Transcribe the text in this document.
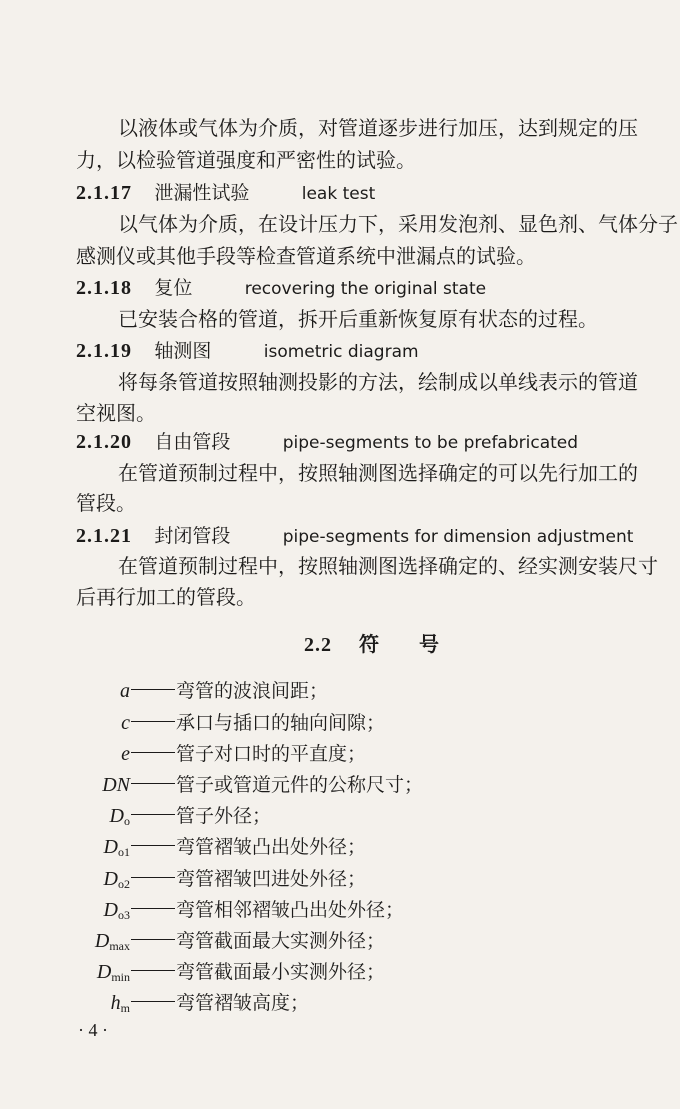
以液体或气体为介质，对管道逐步进行加压，达到规定的压
力，以检验管道强度和严密性的试验。
2.1.17 泄漏性试验	leak test
以气体为介质，在设计压力下，采用发泡剂、显色剂、气体分子
感测仪或其他手段等检查管道系统中泄漏点的试验。
2.1.18 复位	recovering the original state
已安装合格的管道，拆开后重新恢复原有状态的过程。
2.1.19 轴测图	isometric diagram
将每条管道按照轴测投影的方法，绘制成以单线表示的管道
空视图。
2.1.20 自由管段	pipe-segments to be prefabricated
在管道预制过程中，按照轴测图选择确定的可以先行加工的
管段。
2.1.21 封闭管段	pipe-segments for dimension adjustment
在管道预制过程中，按照轴测图选择确定的、经实测安装尺寸
后再行加工的管段。
2.2 符　　号
a 弯管的波浪间距；
c 承口与插口的轴向间隙；
e 管子对口时的平直度；
DN 管子或管道元件的公称尺寸；
$D_o$ 管子外径；
$D_{o1}$ 弯管褶皱凸出处外径；
$D_{o2}$ 弯管褶皱凹进处外径；
$D_{o3}$ 弯管相邻褶皱凸出处外径；
$D_{max}$ 弯管截面最大实测外径；
$D_{min}$ 弯管截面最小实测外径；
$h_m$ 弯管褶皱高度；
· 4 ·
